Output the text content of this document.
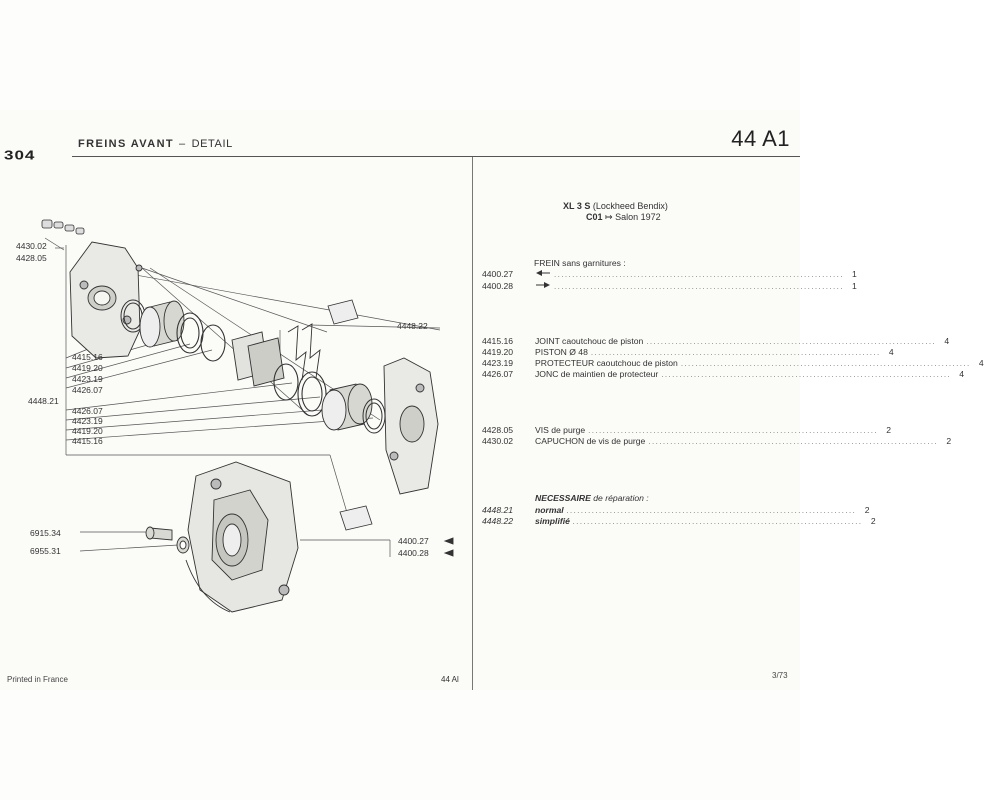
304
FREINS AVANT – DETAIL	44 A1
4430.02
4428.05
4415.16
4419.20
4423.19
4426.07
4448.21
4426.07
4423.19
4419.20
4415.16
4448.22
6915.34
6955.31
4400.27
4400.28
XL 3 S (Lockheed Bendix)
C01 ↦ Salon 1972
FREIN sans garnitures :
4400.27	................................................................................ 1
4400.28	................................................................................ 1
4415.16	JOINT caoutchouc de piston ................................................................................ 4
4419.20	PISTON Ø 48 ................................................................................ 4
4423.19	PROTECTEUR caoutchouc de piston ................................................................................ 4
4426.07	JONC de maintien de protecteur ................................................................................ 4
4428.05	VIS de purge ................................................................................ 2
4430.02	CAPUCHON de vis de purge ................................................................................ 2
NECESSAIRE de réparation :
4448.21	normal ................................................................................ 2
4448.22	simplifié ................................................................................ 2
Printed in France	44 Al	3/73
